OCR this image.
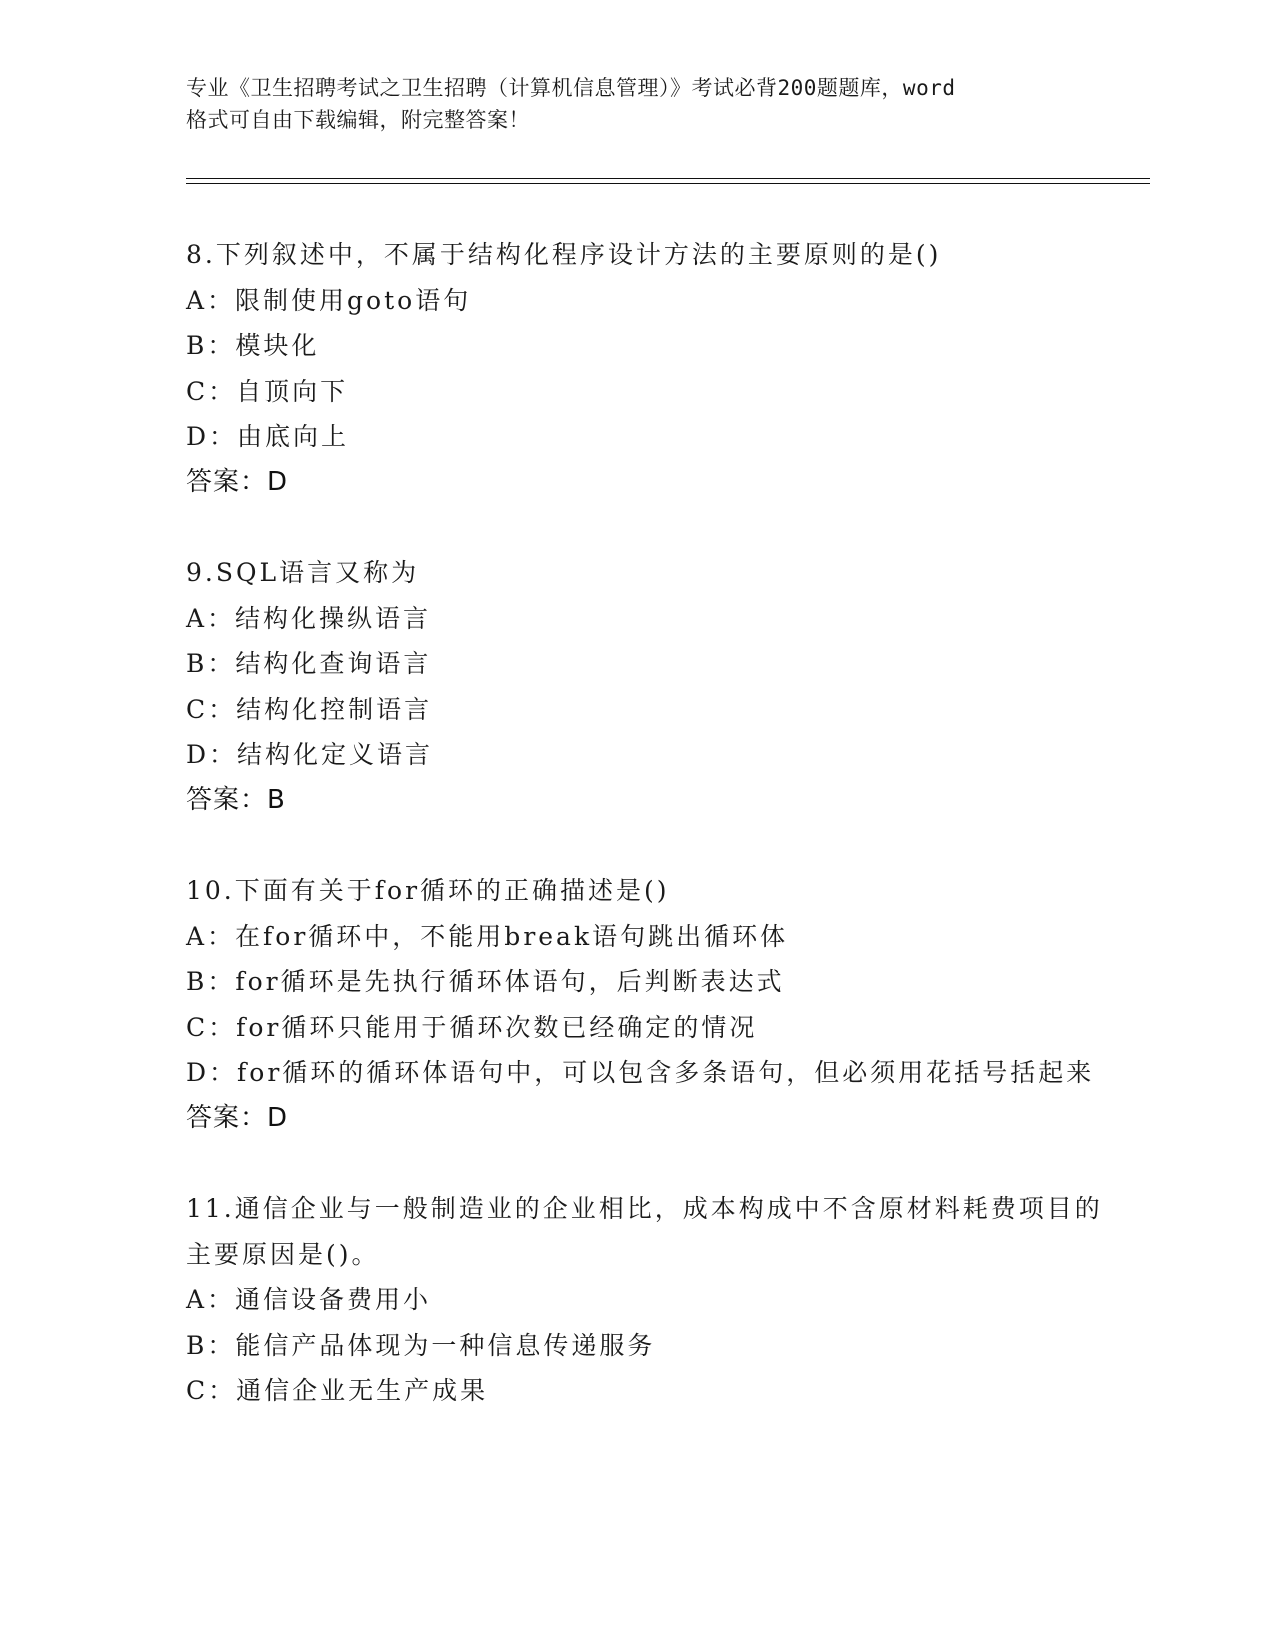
专业《卫生招聘考试之卫生招聘（计算机信息管理）》考试必背200题题库，word
格式可自由下载编辑，附完整答案！
8.下列叙述中，不属于结构化程序设计方法的主要原则的是()
A：限制使用goto语句
B：模块化
C：自顶向下
D：由底向上
答案：D
9.SQL语言又称为
A：结构化操纵语言
B：结构化查询语言
C：结构化控制语言
D：结构化定义语言
答案：B
10.下面有关于for循环的正确描述是()
A：在for循环中，不能用break语句跳出循环体
B：for循环是先执行循环体语句，后判断表达式
C：for循环只能用于循环次数已经确定的情况
D：for循环的循环体语句中，可以包含多条语句，但必须用花括号括起来
答案：D
11.通信企业与一般制造业的企业相比，成本构成中不含原材料耗费项目的主要原因是()。
A：通信设备费用小
B：能信产品体现为一种信息传递服务
C：通信企业无生产成果
